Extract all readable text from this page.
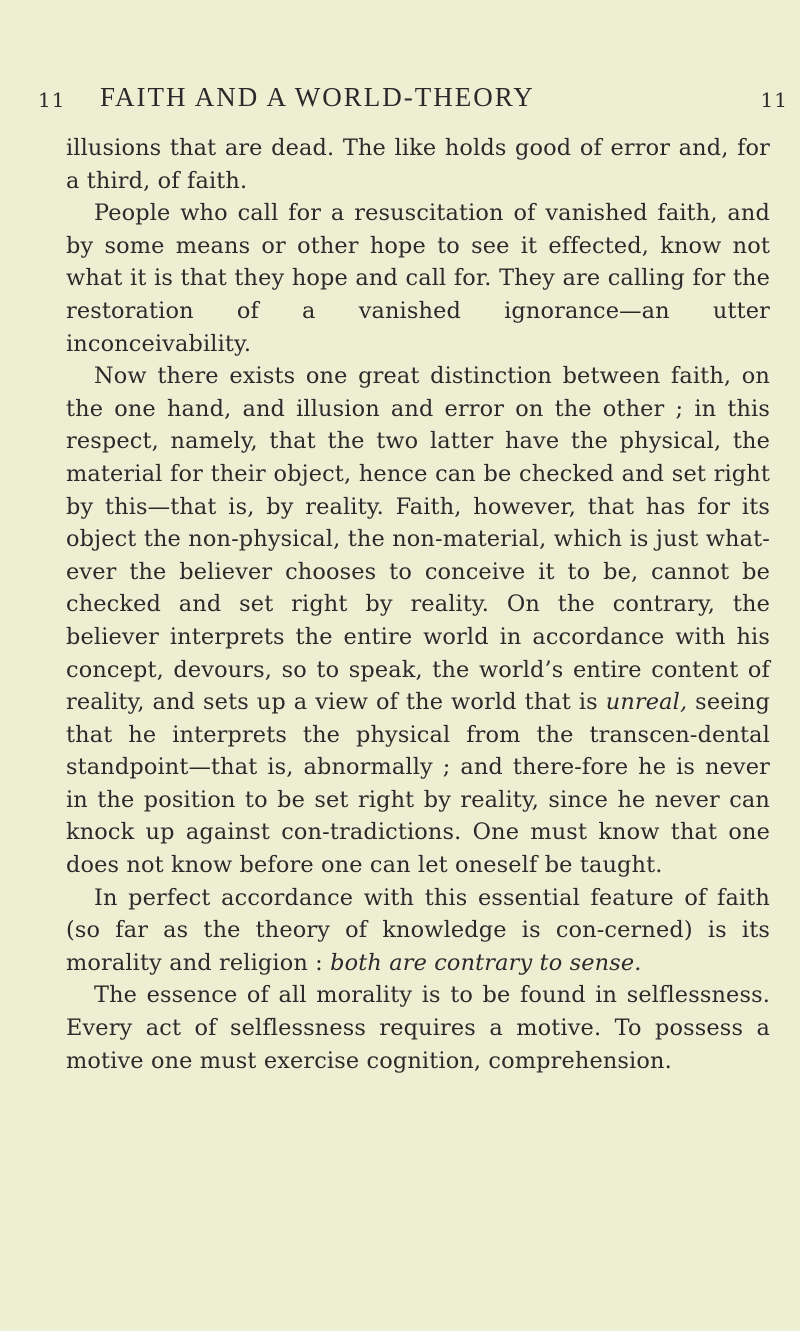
11 FAITH AND A WORLD-THEORY	11

illusions that are dead. The like holds good of error and, for a third, of faith.

People who call for a resuscitation of vanished faith, and by some means or other hope to see it effected, know not what it is that they hope and call for. They are calling for the restoration of a vanished ignorance—an utter inconceivability.

Now there exists one great distinction between faith, on the one hand, and illusion and error on the other ; in this respect, namely, that the two latter have the physical, the material for their object, hence can be checked and set right by this—that is, by reality. Faith, however, that has for its object the non-physical, the non-material, which is just what-ever the believer chooses to conceive it to be, cannot be checked and set right by reality. On the contrary, the believer interprets the entire world in accordance with his concept, devours, so to speak, the world’s entire content of reality, and sets up a view of the world that is unreal, seeing that he interprets the physical from the transcen-dental standpoint—that is, abnormally ; and there-fore he is never in the position to be set right by reality, since he never can knock up against con-tradictions. One must know that one does not know before one can let oneself be taught.

In perfect accordance with this essential feature of faith (so far as the theory of knowledge is con-cerned) is its morality and religion : both are contrary to sense.

The essence of all morality is to be found in selflessness. Every act of selflessness requires a motive. To possess a motive one must exercise cognition, comprehension.
